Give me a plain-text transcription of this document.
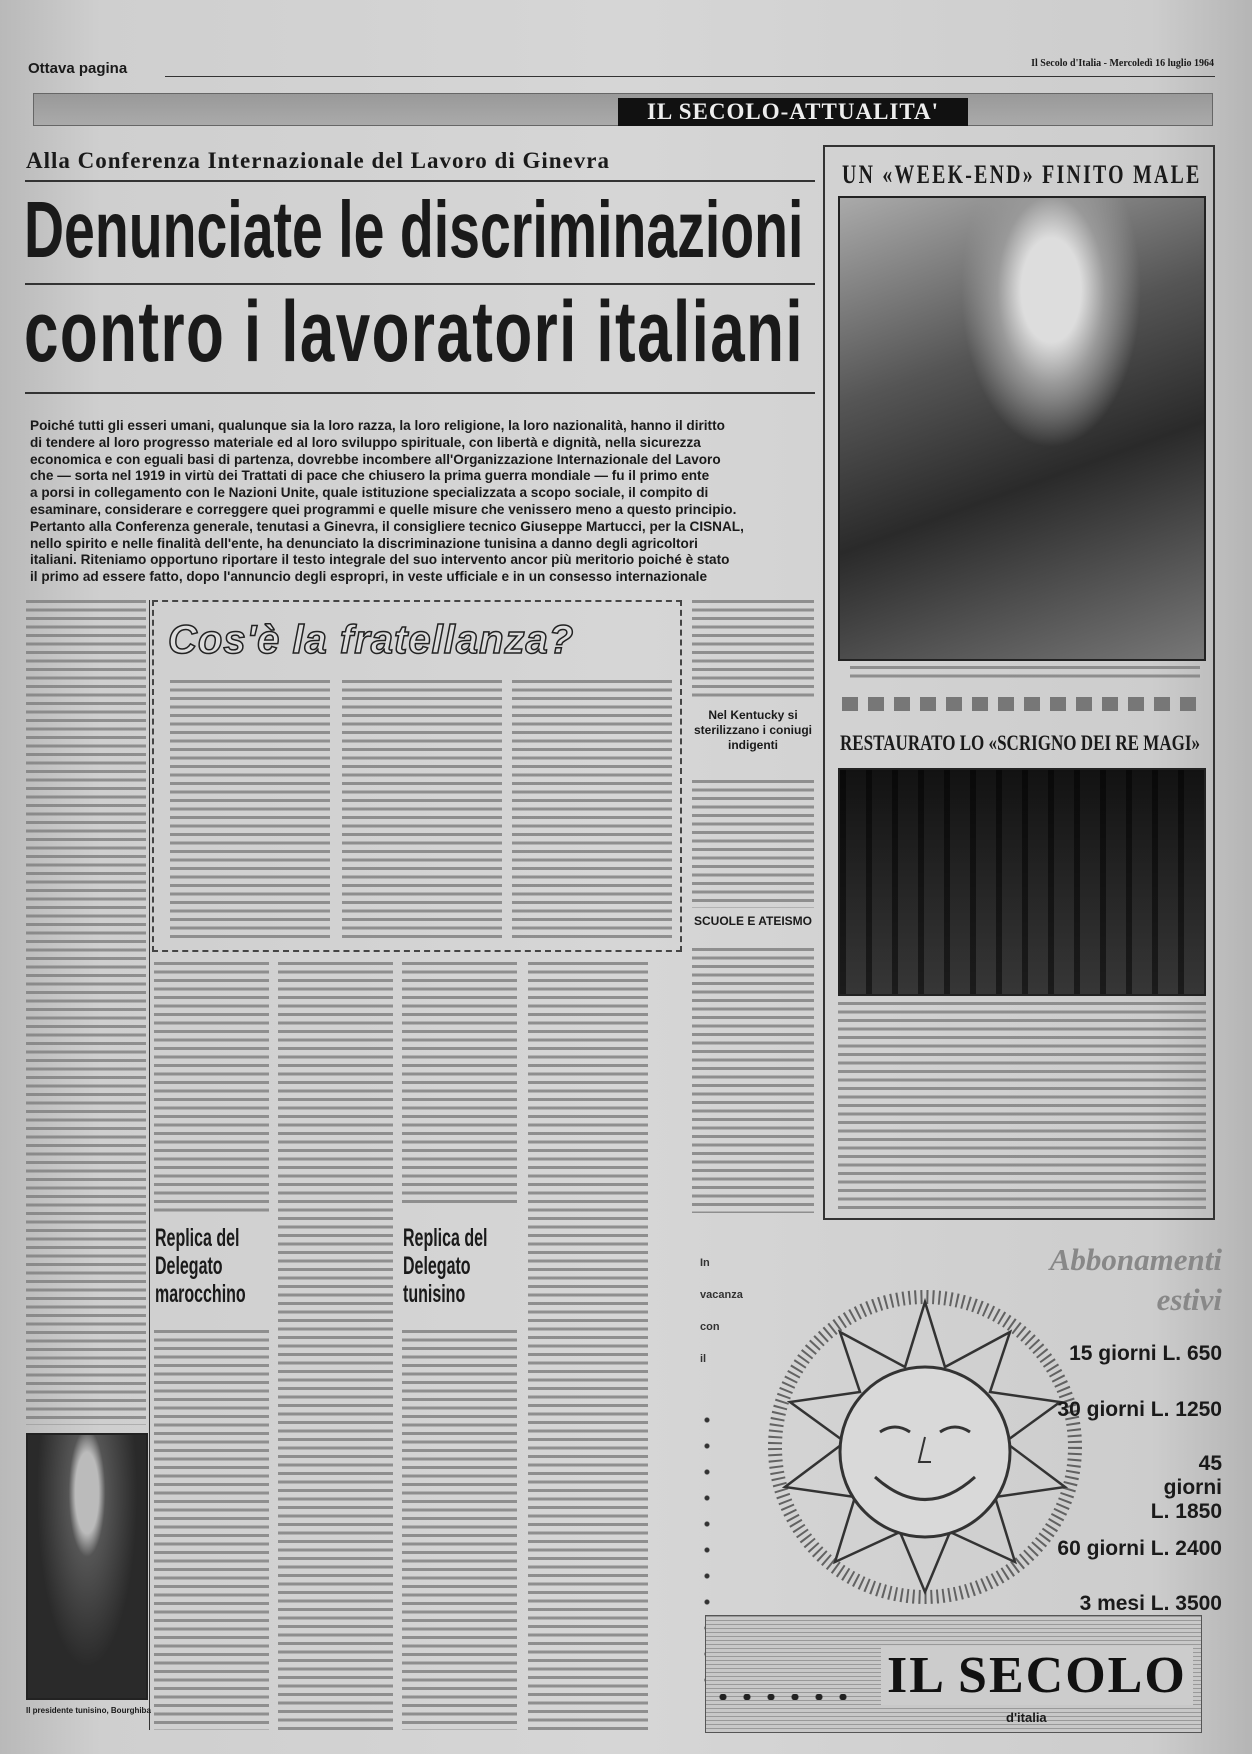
Ottava pagina	Il Secolo d'Italia - Mercoledì 16 luglio 1964
IL SECOLO-ATTUALITA'
Alla Conferenza Internazionale del Lavoro di Ginevra
Denunciate le discriminazioni
contro i lavoratori italiani
Poiché tutti gli esseri umani, qualunque sia la loro razza, la loro religione, la loro nazionalità, hanno il diritto
di tendere al loro progresso materiale ed al loro sviluppo spirituale, con libertà e dignità, nella sicurezza
economica e con eguali basi di partenza, dovrebbe incombere all'Organizzazione Internazionale del Lavoro
che — sorta nel 1919 in virtù dei Trattati di pace che chiusero la prima guerra mondiale — fu il primo ente
a porsi in collegamento con le Nazioni Unite, quale istituzione specializzata a scopo sociale, il compito di
esaminare, considerare e correggere quei programmi e quelle misure che venissero meno a questo principio.
Pertanto alla Conferenza generale, tenutasi a Ginevra, il consigliere tecnico Giuseppe Martucci, per la CISNAL,
nello spirito e nelle finalità dell'ente, ha denunciato la discriminazione tunisina a danno degli agricoltori
italiani. Riteniamo opportuno riportare il testo integrale del suo intervento ancor più meritorio poiché è stato
il primo ad essere fatto, dopo l'annuncio degli espropri, in veste ufficiale e in un consesso internazionale
Cos'è la fratellanza?
Replica del Delegato marocchino
Replica del Delegato tunisino
Il presidente tunisino, Bourghiba
Nel Kentucky si sterilizzano i coniugi indigenti
SCUOLE E ATEISMO
UN «WEEK-END» FINITO MALE
RESTAURATO LO «SCRIGNO DEI RE MAGI»
In
vacanza
con
il
Abbonamenti
estivi
15 giorni L. 650
30 giorni L. 1250
45 giorni L. 1850
60 giorni L. 2400
3 mesi L. 3500
IL SECOLO
d'italia
